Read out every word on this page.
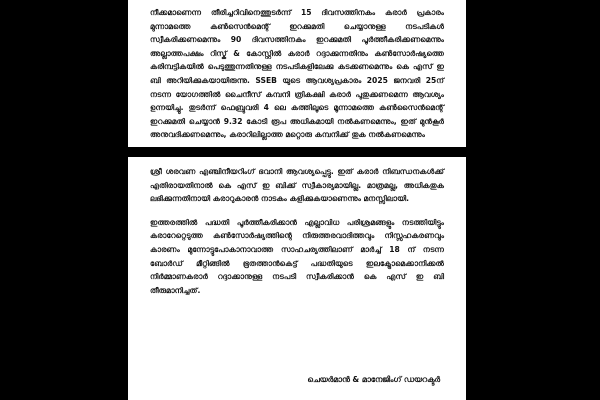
നീക്കമാണെന്ന തീരിച്ചറിവിനെത്തുടർന്ന് 15 ദിവസത്തിനകം കരാർ പ്രകാരം മുന്നാമത്തെ കൺസെൻമെന്റ് ഇറക്കുമതി ചെയ്യാനുള്ള നടപടികൾ സ്വീകരിക്കണമെന്നും 90 ദിവസത്തിനകം ഇറക്കുമതി പൂർത്തീകരിക്കണമെന്നും അല്ലാത്തപക്ഷം റിസ്ക് & കോസ്റ്റിൽ കരാർ റദ്ദാക്കുന്നതിനും കൺസോർഷ്യത്തെ കരിമ്പട്ടികയിൽ പെടുത്തുന്നതിനുള്ള നടപടികളിലേക്കു കടക്കണമെന്നും കെ എസ് ഇ ബി അറിയിക്കുകയായിരുന്നു. SSEB യുടെ ആവശ്യപ്രകാരം 2025 ജനവരി 25ന് നടന്ന യോഗത്തിൽ ചൈനീസ് കമ്പനി ത്രികക്ഷി കരാർ പുതുക്കണമെന്ന ആവശ്യം ഉന്നയിച്ചു. തുടർന്ന് ഫെബ്രുവരി 4 ലെ കത്തിലൂടെ മൂന്നാമത്തെ കൺസൈൻമെന്റ് ഇറക്കുമതി ചെയ്യാൻ 9.32 കോടി രൂപ അധികമായി നൽകണമെന്നും, ഇത് മുൻകൂർ അനുവദിക്കണമെന്നും, കരാറിലില്ലാത്ത മറ്റൊരു കമ്പനിക്ക് തുക നൽകണമെന്നും

ശ്രീ ശരവണ എഞ്ചിനീയറിംഗ് ഭവാനി ആവശ്യപ്പെട്ടു. ഇത് കരാർ നിബന്ധനകൾക്ക് എതിരായതിനാൽ കെ എസ് ഇ ബിക്ക് സ്വീകാര്യമായില്ല. മാത്രമല്ല, അധികതുക ലഭിക്കുന്നതിനായി കരാറുകാരൻ നാടകം കളിക്കുകയാണെന്നും മനസ്സിലായി.

ഇത്തരത്തിൽ പദ്ധതി പൂർത്തീകരിക്കാൻ എല്ലാവിധ പരിശ്രമങ്ങളും നടത്തിയിട്ടും കരാറേറ്റെടുത്ത കൺസോർഷ്യത്തിന്റെ നിരുത്തരവാദിത്തവും നിസ്സഹകരണവും കാരണം മുന്നോട്ടുപോകാനാവാത്ത സാഹചര്യത്തിലാണ് മാർച്ച് 18 ന് നടന്ന ബോർഡ് മീറ്റിങ്ങിൽ ഭൂതത്താൻകെട്ട് പദ്ധതിയുടെ ഇലക്ട്രോമെക്കാനിക്കൽ നിർമ്മാണകരാർ റദ്ദാക്കാനുള്ള നടപടി സ്വീകരിക്കാൻ കെ എസ് ഇ ബി തീരുമാനിച്ചത്.

ചെയർമാൻ & മാനേജിംഗ് ഡയറക്ടർ
